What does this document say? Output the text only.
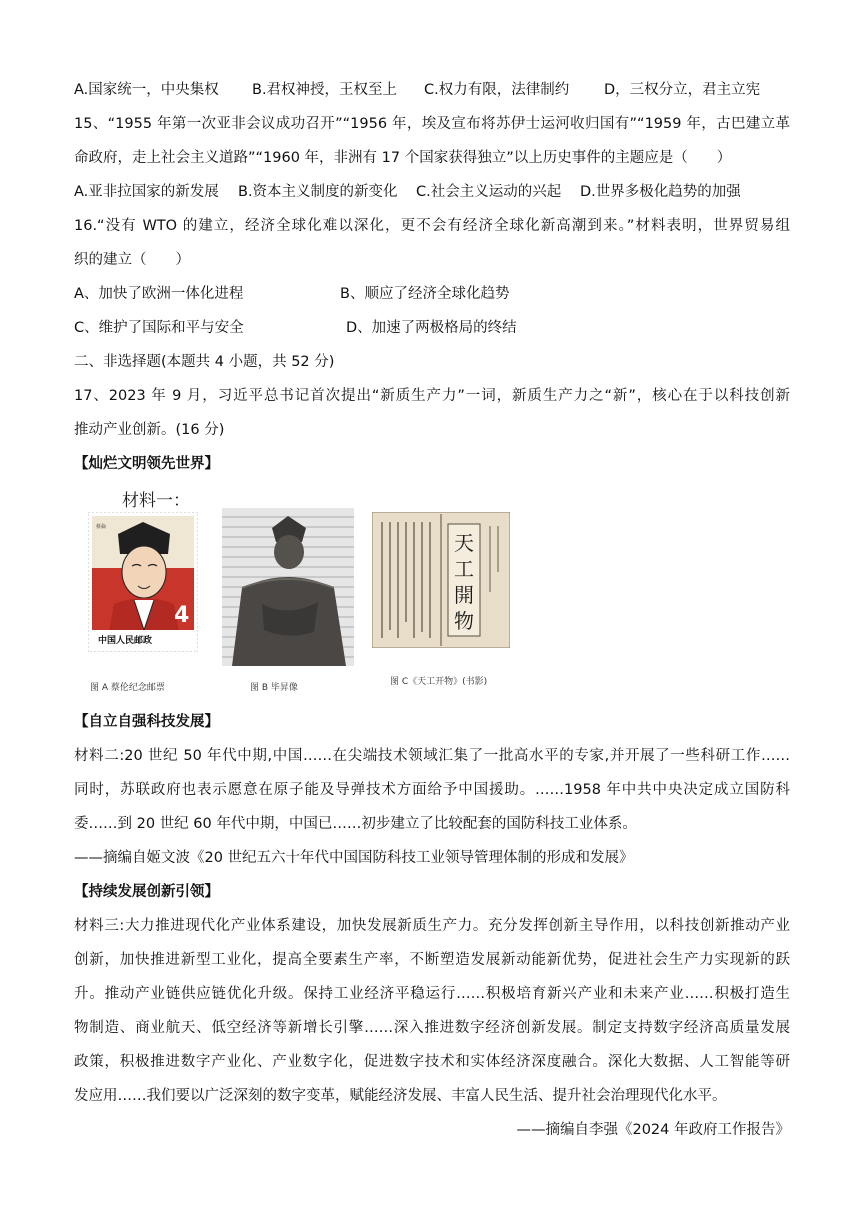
A.国家统一，中央集权 B.君权神授，王权至上 C.权力有限，法律制约 D，三权分立，君主立宪
15、“1955 年第一次亚非会议成功召开”“1956 年，埃及宣布将苏伊士运河收归国有”“1959 年，古巴建立革
命政府，走上社会主义道路”“1960 年，非洲有 17 个国家获得独立”以上历史事件的主题应是（　　）
A.亚非拉国家的新发展 B.资本主义制度的新变化 C.社会主义运动的兴起 D.世界多极化趋势的加强
16.“没有 WTO 的建立，经济全球化难以深化，更不会有经济全球化新高潮到来。”材料表明，世界贸易组
织的建立（　　）
A、加快了欧洲一体化进程	B、顺应了经济全球化趋势
C、维护了国际和平与安全	D、加速了两极格局的终结
二、非选择题(本题共 4 小题，共 52 分)
17、2023 年 9 月，习近平总书记首次提出“新质生产力”一词，新质生产力之“新”，核心在于以科技创新
推动产业创新。(16 分)
【灿烂文明领先世界】
材料一：
蔡倫
4
中国人民邮政
天
工
開
物
图 A 蔡伦纪念邮票	图 B 毕昇像
图 C《天工开物》(书影)
【自立自强科技发展】
材料二:20 世纪 50 年代中期,中国……在尖端技术领域汇集了一批高水平的专家,并开展了一些科研工作……
同时，苏联政府也表示愿意在原子能及导弹技术方面给予中国援助。……1958 年中共中央决定成立国防科
委……到 20 世纪 60 年代中期，中国已……初步建立了比较配套的国防科技工业体系。
——摘编自姬文波《20 世纪五六十年代中国国防科技工业领导管理体制的形成和发展》
【持续发展创新引领】
材料三:大力推进现代化产业体系建设，加快发展新质生产力。充分发挥创新主导作用，以科技创新推动产业
创新，加快推进新型工业化，提高全要素生产率，不断塑造发展新动能新优势，促进社会生产力实现新的跃
升。推动产业链供应链优化升级。保持工业经济平稳运行……积极培育新兴产业和未来产业……积极打造生
物制造、商业航天、低空经济等新增长引擎……深入推进数字经济创新发展。制定支持数字经济高质量发展
政策，积极推进数字产业化、产业数字化，促进数字技术和实体经济深度融合。深化大数据、人工智能等研
发应用……我们要以广泛深刻的数字变革，赋能经济发展、丰富人民生活、提升社会治理现代化水平。
——摘编自李强《2024 年政府工作报告》
